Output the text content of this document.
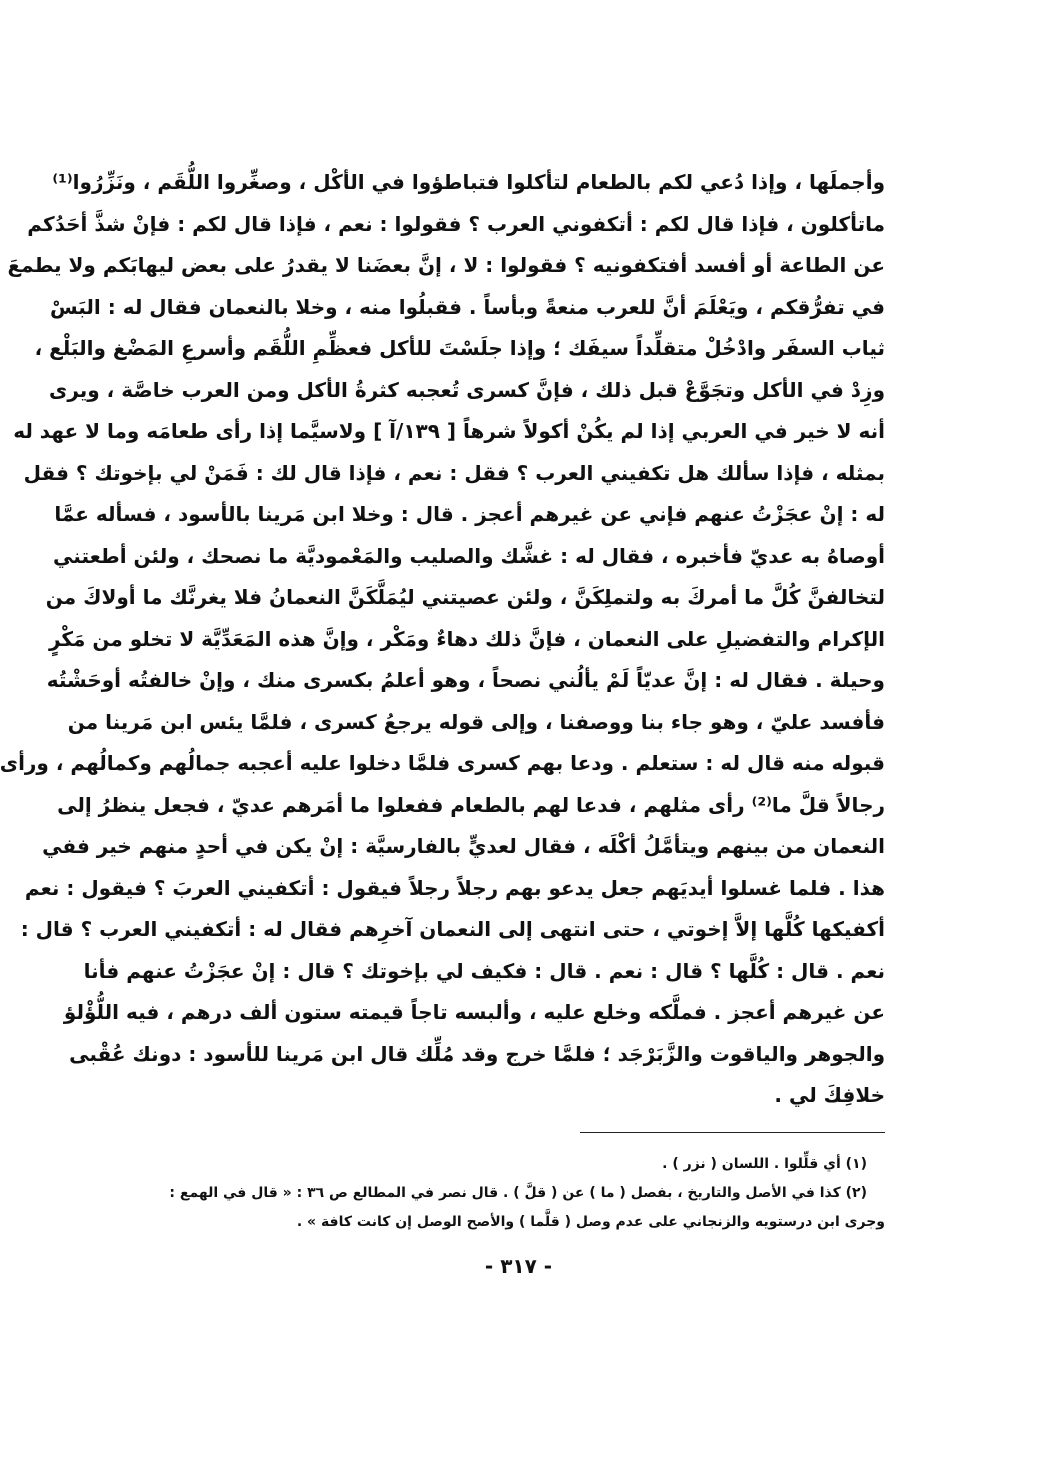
وأجملَها ، وإذا دُعي لكم بالطعام لتأكلوا فتباطؤوا في الأكْل ، وصغِّروا اللُّقَم ، ونَزِّرُوا⁽¹⁾
ماتأكلون ، فإذا قال لكم : أتكفوني العرب ؟ فقولوا : نعم ، فإذا قال لكم : فإنْ شذَّ أحَدُكم
عن الطاعة أو أفسد أفتكفونيه ؟ فقولوا : لا ، إنَّ بعضَنا لا يقدرُ على بعض ليهابَكم ولا يطمعَ
في تفرُّقكم ، ويَعْلَمَ أنَّ للعرب منعةً وبأساً . فقبلُوا منه ، وخلا بالنعمان فقال له : البَسْ
ثياب السفَر وادْخُلْ متقلِّداً سيفَك ؛ وإذا جلَسْتَ للأكل فعظِّمِ اللُّقَم وأسرعِ المَضْغ والبَلْع ،
وزِدْ في الأكل وتجَوَّعْ قبل ذلك ، فإنَّ كسرى تُعجبه كثرةُ الأكل ومن العرب خاصَّة ، ويرى
أنه لا خير في العربي إذا لم يكُنْ أكولاً شرهاً [ ١٣٩/آ ] ولاسيَّما إذا رأى طعامَه وما لا عهد له
بمثله ، فإذا سألك هل تكفيني العرب ؟ فقل : نعم ، فإذا قال لك : فَمَنْ لي بإخوتك ؟ فقل
له : إنْ عجَزْتُ عنهم فإني عن غيرهم أعجز . قال : وخلا ابن مَرينا بالأسود ، فسأله عمَّا
أوصاهُ به عديّ فأخبره ، فقال له : غشَّك والصليب والمَعْموديَّة ما نصحك ، ولئن أطعتني
لتخالفنَّ كُلَّ ما أمركَ به ولتملِكَنَّ ، ولئن عصيتني ليُمَلَّكَنَّ النعمانُ فلا يغرنَّك ما أولاكَ من
الإكرام والتفضيلِ على النعمان ، فإنَّ ذلك دهاءٌ ومَكْر ، وإنَّ هذه المَعَدِّيَّة لا تخلو من مَكْرٍ
وحيلة . فقال له : إنَّ عديّاً لَمْ يألُني نصحاً ، وهو أعلمُ بكسرى منك ، وإنْ خالفتُه أوحَشْتُه
فأفسد عليّ ، وهو جاء بنا ووصفنا ، وإلى قوله يرجعُ كسرى ، فلمَّا يئس ابن مَرينا من
قبوله منه قال له : ستعلم . ودعا بهم كسرى فلمَّا دخلوا عليه أعجبه جمالُهم وكمالُهم ، ورأى
رجالاً قلَّ ما⁽²⁾ رأى مثلهم ، فدعا لهم بالطعام ففعلوا ما أمَرهم عديّ ، فجعل ينظرُ إلى
النعمان من بينهم ويتأمَّلُ أكْلَه ، فقال لعديٍّ بالفارسيَّة : إنْ يكن في أحدٍ منهم خير ففي
هذا . فلما غسلوا أيديَهم جعل يدعو بهم رجلاً رجلاً فيقول : أتكفيني العربَ ؟ فيقول : نعم
أكفيكها كُلَّها إلاَّ إخوتي ، حتى انتهى إلى النعمان آخرِهم فقال له : أتكفيني العرب ؟ قال :
نعم . قال : كُلَّها ؟ قال : نعم . قال : فكيف لي بإخوتك ؟ قال : إنْ عجَزْتُ عنهم فأنا
عن غيرهم أعجز . فملَّكه وخلع عليه ، وألبسه تاجاً قيمته ستون ألف درهم ، فيه اللُّؤْلؤ
والجوهر والياقوت والزَّبَرْجَد ؛ فلمَّا خرج وقد مُلِّك قال ابن مَرينا للأسود : دونك عُقْبى
خلافِكَ لي .
(١) أي قلِّلوا . اللسان ( نزر ) .
(٢) كذا في الأصل والتاريخ ، بفصل ( ما ) عن ( قلَّ ) . قال نصر في المطالع ص ٣٦ : « قال في الهمع :
وجرى ابن درستويه والزنجاني على عدم وصل ( قلَّما ) والأصح الوصل إن كانت كافة » .
- ٣١٧ -
